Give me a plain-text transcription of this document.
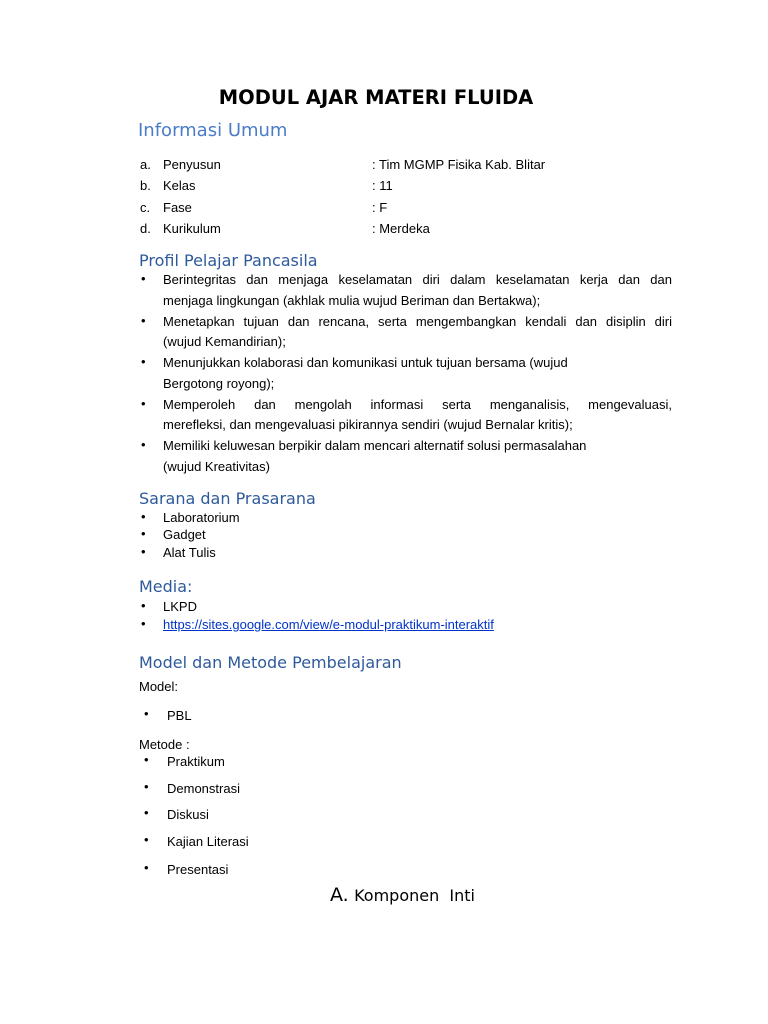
MODUL AJAR MATERI FLUIDA
Informasi Umum
a. Penyusun	: Tim MGMP Fisika Kab. Blitar
b. Kelas	: 11
c. Fase	: F
d. Kurikulum	: Merdeka
Profil Pelajar Pancasila
• Berintegritas dan menjaga keselamatan diri dalam keselamatan kerja dan dan
menjaga lingkungan (akhlak mulia wujud Beriman dan Bertakwa);
• Menetapkan tujuan dan rencana, serta mengembangkan kendali dan disiplin diri
(wujud Kemandirian);
• Menunjukkan kolaborasi dan komunikasi untuk tujuan bersama (wujud
Bergotong royong);
• Memperoleh dan mengolah informasi serta menganalisis, mengevaluasi,
merefleksi, dan mengevaluasi pikirannya sendiri (wujud Bernalar kritis);
• Memiliki keluwesan berpikir dalam mencari alternatif solusi permasalahan
(wujud Kreativitas)
Sarana dan Prasarana
• Laboratorium
• Gadget
• Alat Tulis
Media:
• LKPD
• https://sites.google.com/view/e-modul-praktikum-interaktif
Model dan Metode Pembelajaran
Model:
• PBL
Metode :
• Praktikum
• Demonstrasi
• Diskusi
• Kajian Literasi
• Presentasi
A. Komponen  Inti
